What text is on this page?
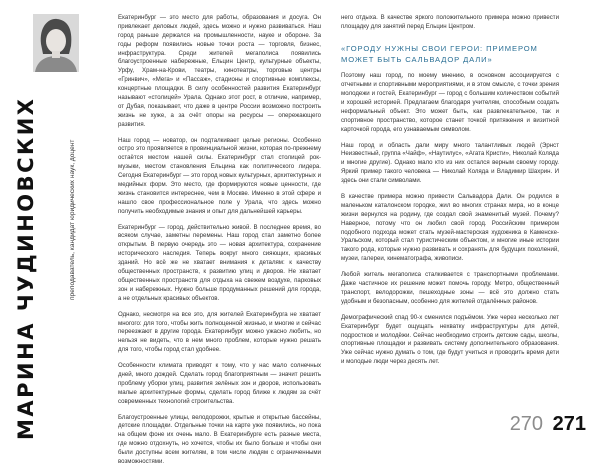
МАРИНА ЧУДИНОВСКИХ	преподаватель, кандидат юридических наук, доцент

Екатеринбург — это место для работы, образования и досуга. Он привлекает деловых людей, здесь можно и нужно развиваться. Наш город раньше держался на промышленности, науке и обороне. За годы реформ появились новые точки роста — торговля, бизнес, инфраструктура. Среди жителей мегаполиса появились благоустроенные набережные, Ельцин Центр, культурные объекты, Урфу, Храм-на-Крови, театры, кинотеатры, торговые центры «Гринвич», «Мега» и «Пассаж», стадионы и спортивные комплексы, концертные площадки. В силу особенностей развития Екатеринбург называют «столицей» Урала. Однако этот рост, в отличие, например, от Дубая, показывает, что даже в центре России возможно построить жизнь не хуже, а за счёт опоры на ресурсы — опережающего развития.

Наш город — новатор, он подталкивает целые регионы. Особенно остро это проявляется в провинциальной жизни, которая по-прежнему остаётся местом нашей силы. Екатеринбург стал столицей рок-музыки, местом становления Ельцина как политического лидера. Сегодня Екатеринбург — это город новых культурных, архитектурных и медийных форм. Это место, где формируются новые ценности, где жизнь становится интереснее, чем в Москве. Именно в этой сфере и нашло свое профессиональное поле у Урала, что здесь можно получить необходимые знания и опыт для дальнейшей карьеры.

Екатеринбург — город, действительно живой. В последнее время, во всяком случае, заметны перемены. Наш город стал заметно более открытым. В первую очередь это — новая архитектура, сохранение исторического наследия. Теперь вокруг много сияющих, красивых зданий. Но всё же не хватает внимания к деталям: к качеству общественных пространств, к развитию улиц и дворов. Не хватает общественных пространств для отдыха на свежем воздухе, парковых зон и набережных. Нужно больше продуманных решений для города, а не отдельных красивых объектов.

Однако, несмотря на все это, для жителей Екатеринбурга не хватает многого: для того, чтобы жить полноценной жизнью, и многие и сейчас переезжают в другие города. Екатеринбург можно ужасно любить, но нельзя не видеть, что в нем много проблем, которые нужно решать для того, чтобы город стал удобнее.

Особенности климата приводят к тому, что у нас мало солнечных дней, много дождей. Сделать город благоприятным — значит решить проблему уборки улиц, развития зелёных зон и дворов, использовать малые архитектурные формы, сделать город ближе к людям за счёт современных технологий строительства.

Благоустроенные улицы, велодорожки, крытые и открытые бассейны, детские площадки. Отдельные точки на карте уже появились, но пока на общем фоне их очень мало. В Екатеринбурге есть разные места, где можно отдохнуть, но хочется, чтобы их было больше и чтобы они были доступны всем жителям, в том числе людям с ограниченными возможностями.

него отдыха. В качестве яркого положительного примера можно привести площадку для занятий перед Ельцин Центром.

«ГОРОДУ НУЖНЫ СВОИ ГЕРОИ: ПРИМЕРОМ МОЖЕТ БЫТЬ САЛЬВАДОР ДАЛИ»

Поэтому наш город, по моему мнению, в основном ассоциируется с отчетными и спортивными мероприятиями, и в этом смысле, с точки зрения молодежи и гостей, Екатеринбург — город с большим количеством событий и хорошей историей. Предлагаем благодаря учителям, способным создать неформальный объект. Это может быть, как развлекательное, так и спортивное пространство, которое станет точкой притяжения и визитной карточкой города, его узнаваемым символом.

Наш город и область дали миру много талантливых людей (Эрнст Неизвестный, группа «Чайф», «Наутилус», «Агата Кристи», Николай Коляда и многие другие). Однако мало кто из них остался верным своему городу. Яркий пример такого человека — Николай Коляда и Владимир Шахрин. И здесь они стали символами.

В качестве примера можно привести Сальвадора Дали. Он родился в маленьком каталонском городке, жил во многих странах мира, но в конце жизни вернулся на родину, где создал свой знаменитый музей. Почему? Наверное, потому что он любил свой город. Российским примером подобного подхода может стать музей-мастерская художника в Каменске-Уральском, который стал туристическим объектом, и многие иные истории такого рода, которые нужно развивать и сохранять для будущих поколений, музеи, галереи, кинематографа, живописи.

Любой житель мегаполиса сталкивается с транспортными проблемами. Даже частичное их решение может помочь городу. Метро, общественный транспорт, велодорожки, пешеходные зоны — всё это должно стать удобным и безопасным, особенно для жителей отдалённых районов.

Демографический спад 90-х сменился подъёмом. Уже через несколько лет Екатеринбург будет ощущать нехватку инфраструктуры для детей, подростков и молодёжи. Сейчас необходимо строить детские сады, школы, спортивные площадки и развивать систему дополнительного образования. Уже сейчас нужно думать о том, где будут учиться и проводить время дети и молодые люди через десять лет.

270 271
